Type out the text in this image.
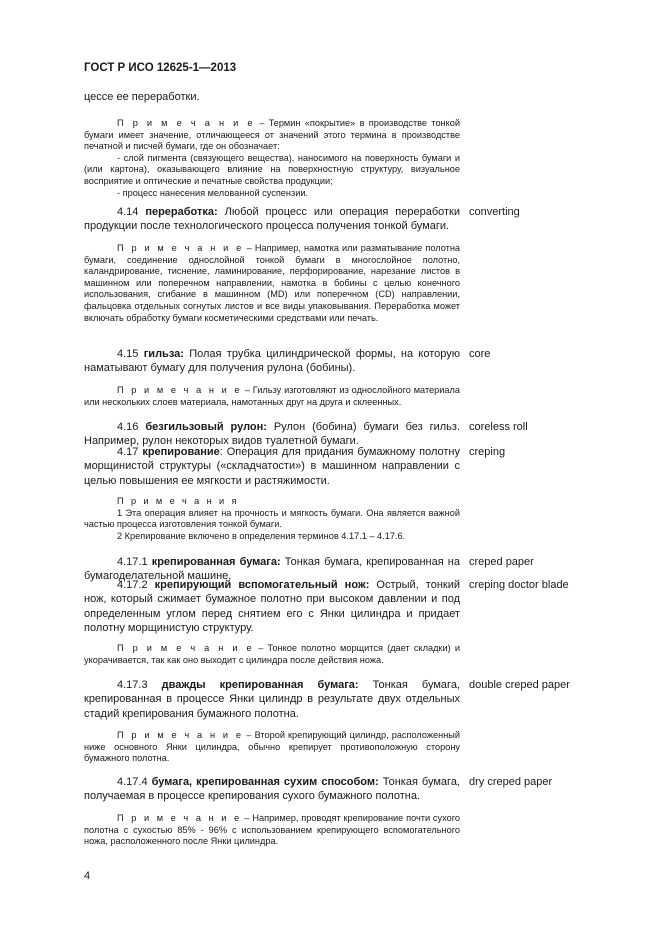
ГОСТ Р ИСО 12625-1—2013

цессе ее переработки.

П р и м е ч а н и е – Термин «покрытие» в производстве тонкой бумаги имеет значение, отличающееся от значений этого термина в производстве печатной и писчей бумаги, где он обозначает:

- слой пигмента (связующего вещества), наносимого на поверхность бумаги и (или картона), оказывающего влияние на поверхностную структуру, визуальное восприятие и оптические и печатные свойства продукции;

- процесс нанесения мелованной суспензии.

4.14 переработка: Любой процесс или операция переработки продукции после технологического процесса получения тонкой бумаги.

converting

П р и м е ч а н и е – Например, намотка или разматывание полотна бумаги, соединение однослойной тонкой бумаги в многослойное полотно, каландрирование, тиснение, ламинирование, перфорирование, нарезание листов в машинном или поперечном направлении, намотка в бобины с целью конечного использования, сгибание в машинном (MD) или поперечном (CD) направлении, фальцовка отдельных согнутых листов и все виды упаковывания. Переработка может включать обработку бумаги косметическими средствами или печать.

4.15 гильза: Полая трубка цилиндрической формы, на которую наматывают бумагу для получения рулона (бобины).

core

П р и м е ч а н и е – Гильзу изготовляют из однослойного материала или нескольких слоев материала, намотанных друг на друга и склеенных.

4.16 безгильзовый рулон: Рулон (бобина) бумаги без гильз. Например, рулон некоторых видов туалетной бумаги.

coreless roll

4.17 крепирование: Операция для придания бумажному полотну морщинистой структуры («складчатости») в машинном направлении с целью повышения ее мягкости и растяжимости.

creping

П р и м е ч а н и я

1 Эта операция влияет на прочность и мягкость бумаги. Она является важной частью процесса изготовления тонкой бумаги.

2 Крепирование включено в определения терминов 4.17.1 – 4.17.6.

4.17.1 крепированная бумага: Тонкая бумага, крепированная на бумагоделательной машине.

creped paper

4.17.2 крепирующий вспомогательный нож: Острый, тонкий нож, который сжимает бумажное полотно при высоком давлении и под определенным углом перед снятием его с Янки цилиндра и придает полотну морщинистую структуру.

creping doctor blade

П р и м е ч а н и е – Тонкое полотно морщится (дает складки) и укорачивается, так как оно выходит с цилиндра после действия ножа.

4.17.3 дважды крепированная бумага: Тонкая бумага, крепированная в процессе Янки цилиндр в результате двух отдельных стадий крепирования бумажного полотна.

double creped paper

П р и м е ч а н и е – Второй крепирующий цилиндр, расположенный ниже основного Янки цилиндра, обычно крепирует противоположную сторону бумажного полотна.

4.17.4 бумага, крепированная сухим способом: Тонкая бумага, получаемая в процессе крепирования сухого бумажного полотна.

dry creped paper

П р и м е ч а н и е – Например, проводят крепирование почти сухого полотна с сухостью 85% - 96% с использованием крепирующего вспомогательного ножа, расположенного после Янки цилиндра.

4
